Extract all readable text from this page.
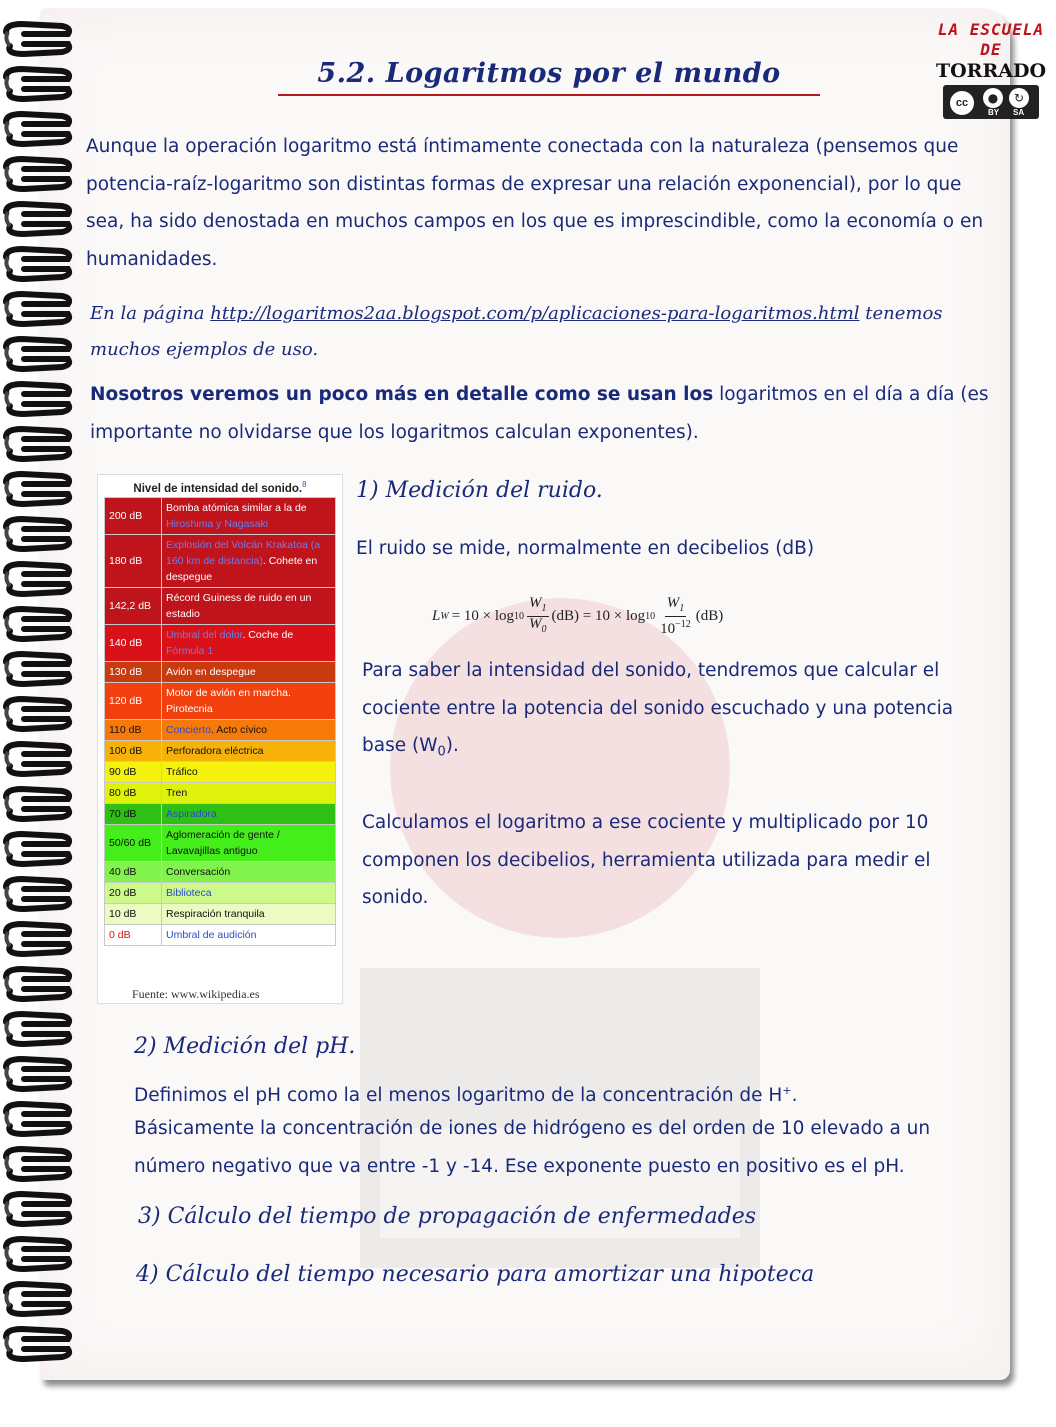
5.2. Logaritmos por el mundo
LA ESCUELA
DE
TORRADO
cc	●	↻
BY SA
Aunque la operación logaritmo está íntimamente conectada con la naturaleza (pensemos que potencia-raíz-logaritmo son distintas formas de expresar una relación exponencial), por lo que sea, ha sido denostada en muchos campos en los que es imprescindible, como la economía o en humanidades.
En la página http://logaritmos2aa.blogspot.com/p/aplicaciones-para-logaritmos.html tenemos muchos ejemplos de uso.
Nosotros veremos un poco más en detalle como se usan los logaritmos en el día a día (es importante no olvidarse que los logaritmos calculan exponentes).
1) Medición del ruido.
El ruido se mide, normalmente en decibelios (dB)
L $W = 10 \times \log 10 \frac{W_1}{W_0} (dB) = 10 \times \log 10 \frac{W_1}{10^{-12}} (dB)$
Para saber la intensidad del sonido, tendremos que calcular el cociente entre la potencia del sonido escuchado y una potencia base $(W_0)$.
Calculamos el logaritmo a ese cociente y multiplicado por 10 componen los decibelios, herramienta utilizada para medir el sonido.
Nivel de intensidad del sonido.$^8$
200 dB	Bomba atómica similar a la de Hiroshima y Nagasaki
180 dB	Explosión del Volcán Krakatoa (a 160 km de distancia). Cohete en despegue
142,2 dB	Récord Guiness de ruido en un estadio
140 dB	Umbral del dolor. Coche de Fórmula 1
130 dB	Avión en despegue
120 dB	Motor de avión en marcha. Pirotecnia
110 dB	Concierto. Acto cívico
100 dB	Perforadora eléctrica
90 dB	Tráfico
80 dB	Tren
70 dB	Aspiradora
50/60 dB	Aglomeración de gente / Lavavajillas antiguo
40 dB	Conversación
20 dB	Biblioteca
10 dB	Respiración tranquila
0 dB	Umbral de audición
Fuente: www.wikipedia.es
2) Medición del pH.
Definimos el pH como la el menos logaritmo de la concentración de H+.
Básicamente la concentración de iones de hidrógeno es del orden de 10 elevado a un número negativo que va entre -1 y -14. Ese exponente puesto en positivo es el pH.
3) Cálculo del tiempo de propagación de enfermedades
4) Cálculo del tiempo necesario para amortizar una hipoteca
